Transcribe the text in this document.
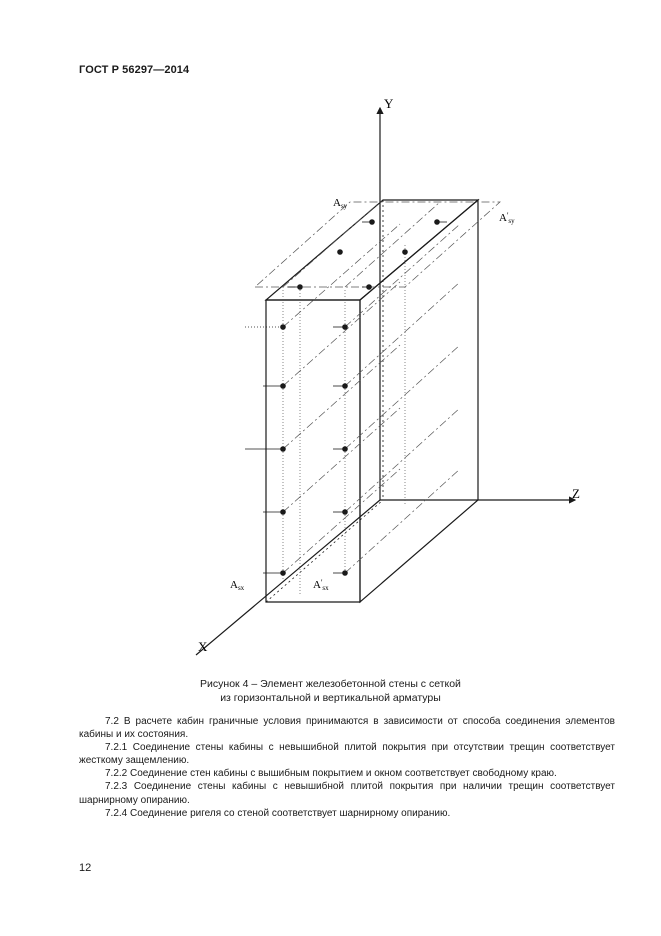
ГОСТ Р 56297—2014
Y
Z
X
Asy
$A'_{sy}$
Asx	$A'_{sx}$
Рисунок 4 – Элемент железобетонной стены с сеткой
из горизонтальной и вертикальной арматуры

7.2 В расчете кабин граничные условия принимаются в зависимости от способа соединения элементов кабины и их состояния.

7.2.1 Соединение стены кабины с невышибной плитой покрытия при отсутствии трещин соответствует жесткому защемлению.

7.2.2 Соединение стен кабины с вышибным покрытием и окном соответствует свободному краю.

7.2.3 Соединение стены кабины с невышибной плитой покрытия при наличии трещин соответствует шарнирному опиранию.

7.2.4 Соединение ригеля со стеной соответствует шарнирному опиранию.

12
